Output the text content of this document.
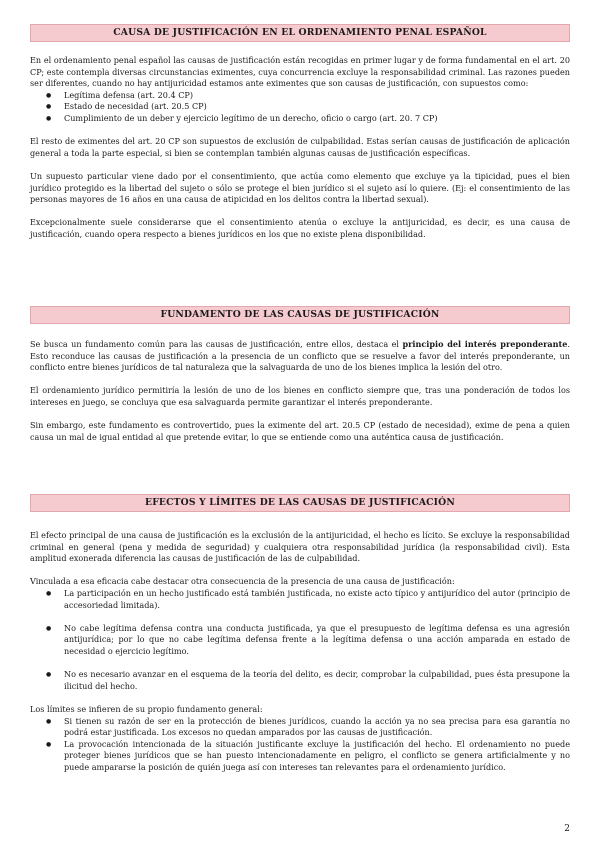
CAUSA DE JUSTIFICACIÓN EN EL ORDENAMIENTO PENAL ESPAÑOL

En el ordenamiento penal español las causas de justificación están recogidas en primer lugar y de forma fundamental en el art. 20 CP; este contempla diversas circunstancias eximentes, cuya concurrencia excluye la responsabilidad criminal. Las razones pueden ser diferentes, cuando no hay antijuricidad estamos ante eximentes que son causas de justificación, con supuestos como:

● Legítima defensa (art. 20.4 CP)
● Estado de necesidad (art. 20.5 CP)
● Cumplimiento de un deber y ejercicio legítimo de un derecho, oficio o cargo (art. 20. 7 CP)

El resto de eximentes del art. 20 CP son supuestos de exclusión de culpabilidad. Estas serían causas de justificación de aplicación general a toda la parte especial, si bien se contemplan también algunas causas de justificación específicas.

Un supuesto particular viene dado por el consentimiento, que actúa como elemento que excluye ya la tipicidad, pues el bien jurídico protegido es la libertad del sujeto o sólo se protege el bien jurídico si el sujeto así lo quiere. (Ej: el consentimiento de las personas mayores de 16 años en una causa de atipicidad en los delitos contra la libertad sexual).

Excepcionalmente suele considerarse que el consentimiento atenúa o excluye la antijuricidad, es decir, es una causa de justificación, cuando opera respecto a bienes jurídicos en los que no existe plena disponibilidad.

FUNDAMENTO DE LAS CAUSAS DE JUSTIFICACIÓN

Se busca un fundamento común para las causas de justificación, entre ellos, destaca el principio del interés preponderante. Esto reconduce las causas de justificación a la presencia de un conflicto que se resuelve a favor del interés preponderante, un conflicto entre bienes jurídicos de tal naturaleza que la salvaguarda de uno de los bienes implica la lesión del otro.

El ordenamiento jurídico permitiría la lesión de uno de los bienes en conflicto siempre que, tras una ponderación de todos los intereses en juego, se concluya que esa salvaguarda permite garantizar el interés preponderante.

Sin embargo, este fundamento es controvertido, pues la eximente del art. 20.5 CP (estado de necesidad), exime de pena a quien causa un mal de igual entidad al que pretende evitar, lo que se entiende como una auténtica causa de justificación.

EFECTOS Y LÍMITES DE LAS CAUSAS DE JUSTIFICACIÓN

El efecto principal de una causa de justificación es la exclusión de la antijuricidad, el hecho es lícito. Se excluye la responsabilidad criminal en general (pena y medida de seguridad) y cualquiera otra responsabilidad jurídica (la responsabilidad civil). Esta amplitud exonerada diferencia las causas de justificación de las de culpabilidad.

Vinculada a esa eficacia cabe destacar otra consecuencia de la presencia de una causa de justificación:

● La participación en un hecho justificado está también justificada, no existe acto típico y antijurídico del autor (principio de accesoriedad limitada).
● No cabe legítima defensa contra una conducta justificada, ya que el presupuesto de legítima defensa es una agresión antijurídica; por lo que no cabe legítima defensa frente a la legítima defensa o una acción amparada en estado de necesidad o ejercicio legítimo.
● No es necesario avanzar en el esquema de la teoría del delito, es decir, comprobar la culpabilidad, pues ésta presupone la ilicitud del hecho.

Los límites se infieren de su propio fundamento general:

● Si tienen su razón de ser en la protección de bienes jurídicos, cuando la acción ya no sea precisa para esa garantía no podrá estar justificada. Los excesos no quedan amparados por las causas de justificación.
● La provocación intencionada de la situación justificante excluye la justificación del hecho. El ordenamiento no puede proteger bienes jurídicos que se han puesto intencionadamente en peligro, el conflicto se genera artificialmente y no puede ampararse la posición de quién juega así con intereses tan relevantes para el ordenamiento jurídico.
2
